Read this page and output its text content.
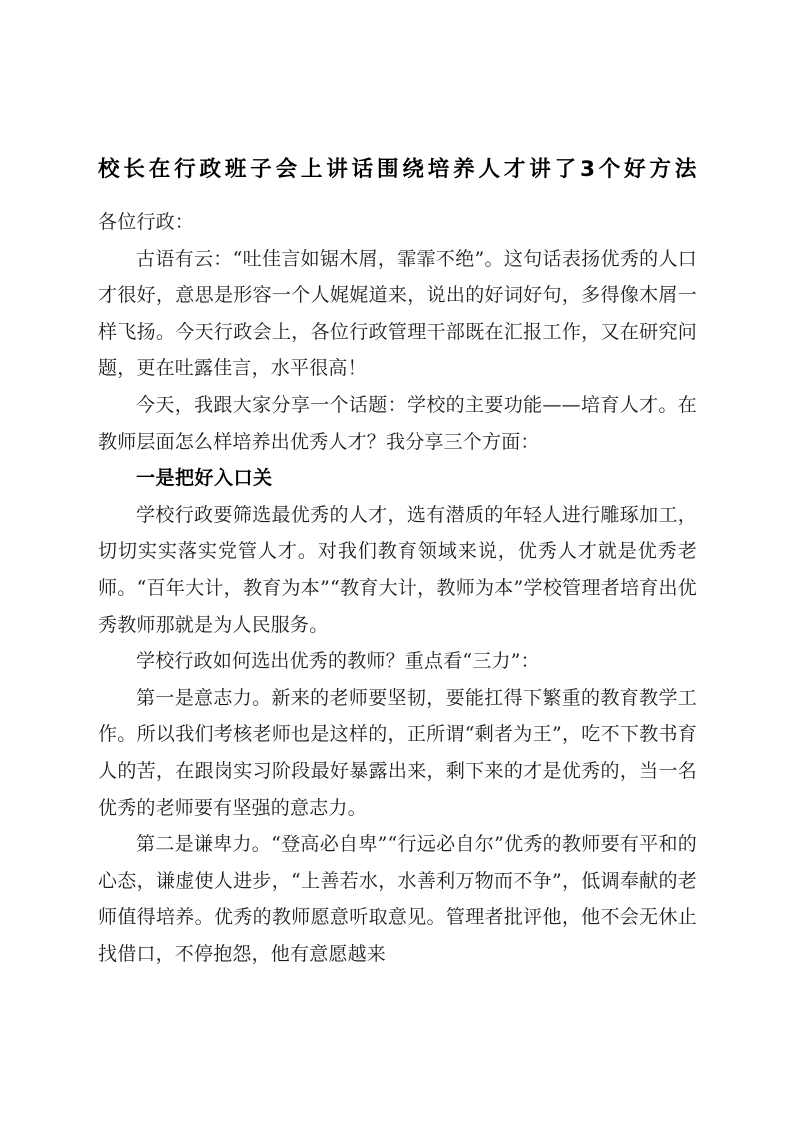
校长在行政班子会上讲话围绕培养人才讲了3个好方法

各位行政：

古语有云：“吐佳言如锯木屑，霏霏不绝”。这句话表扬优秀的人口才很好，意思是形容一个人娓娓道来，说出的好词好句，多得像木屑一样飞扬。今天行政会上，各位行政管理干部既在汇报工作，又在研究问题，更在吐露佳言，水平很高！

今天，我跟大家分享一个话题：学校的主要功能——培育人才。在教师层面怎么样培养出优秀人才？我分享三个方面：

一是把好入口关

学校行政要筛选最优秀的人才，选有潜质的年轻人进行雕琢加工，切切实实落实党管人才。对我们教育领域来说，优秀人才就是优秀老师。“百年大计，教育为本”“教育大计，教师为本”学校管理者培育出优秀教师那就是为人民服务。

学校行政如何选出优秀的教师？重点看“三力”：

第一是意志力。新来的老师要坚韧，要能扛得下繁重的教育教学工作。所以我们考核老师也是这样的，正所谓“剩者为王”，吃不下教书育人的苦，在跟岗实习阶段最好暴露出来，剩下来的才是优秀的，当一名优秀的老师要有坚强的意志力。

第二是谦卑力。“登高必自卑”“行远必自尔”优秀的教师要有平和的心态，谦虚使人进步，“上善若水，水善利万物而不争”，低调奉献的老师值得培养。优秀的教师愿意听取意见。管理者批评他，他不会无休止找借口，不停抱怨，他有意愿越来
